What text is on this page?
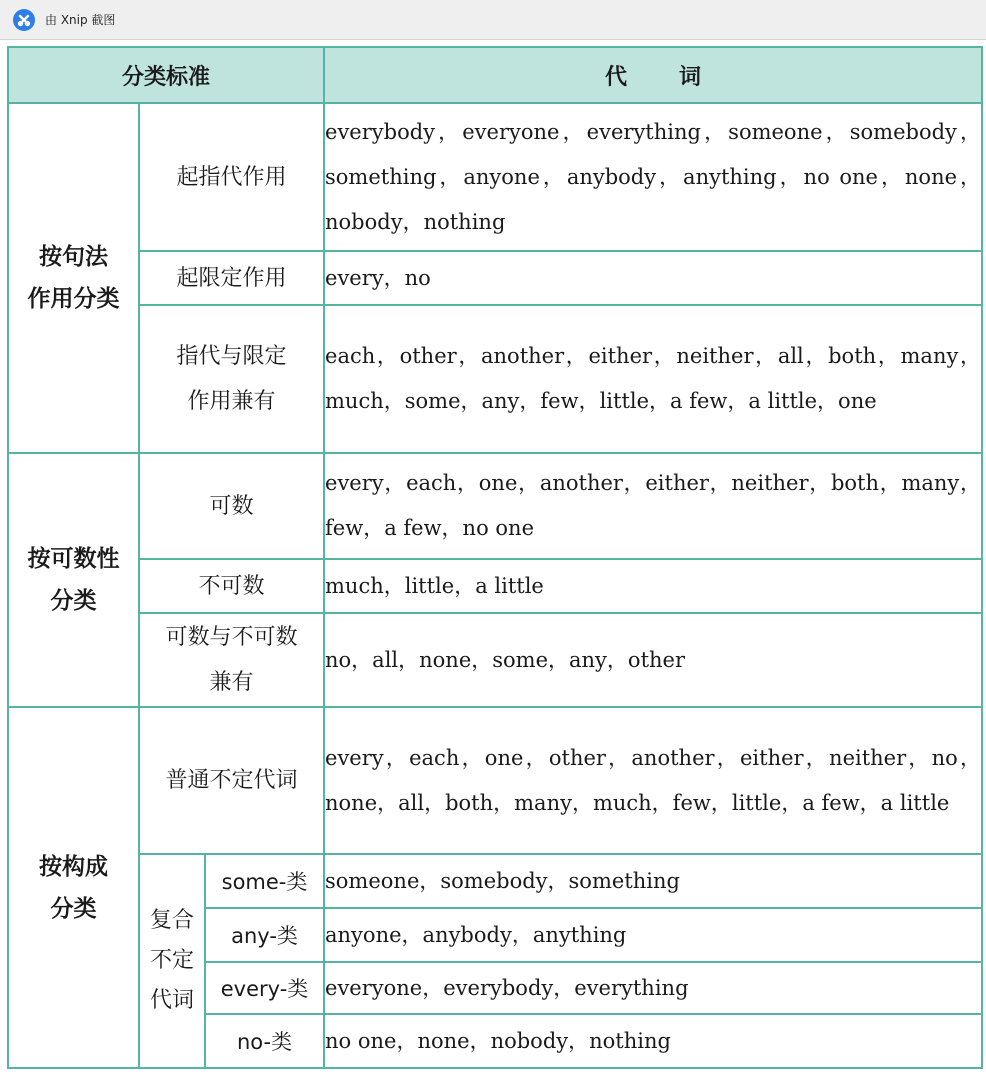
由 Xnip 截图
分类标准			代 词

按句法
作用分类	起指代作用		everybody，everyone，everything，someone，somebody，something，anyone，anybody，anything，no one，none，nobody，nothing
	起限定作用		every，no

	指代与限定
作用兼有		each，other，another，either，neither，all，both，many，much，some，any，few，little，a few，a little，one

按可数性
分类	可数		every，each，one，another，either，neither，both，many，few，a few，no one
	不可数		much，little，a little

	可数与不可数
兼有		no，all，none，some，any，other

按构成
分类	普通不定代词		every，each，one，other，another，either，neither，no，none，all，both，many，much，few，little，a few，a little

	复合
不定
代词	some-类	someone，somebody，something
		any-类	anyone，anybody，anything
		every-类	everyone，everybody，everything
		no-类	no one，none，nobody，nothing
